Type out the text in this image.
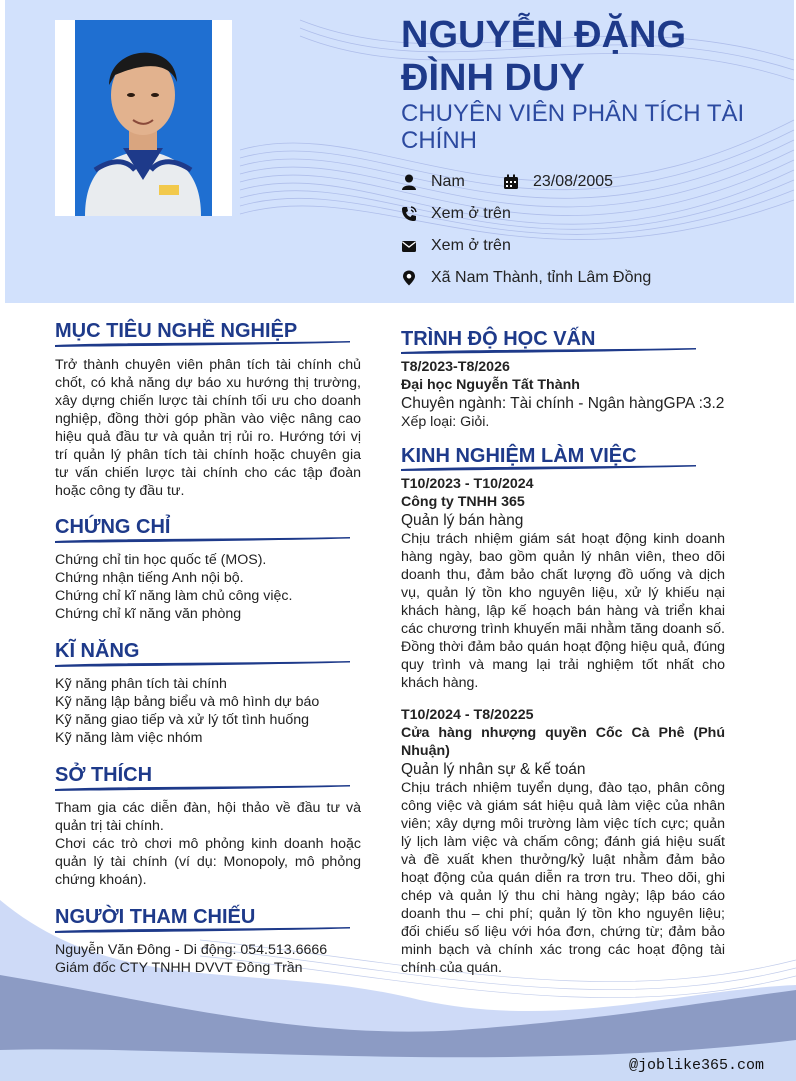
NGUYỄN ĐẶNG ĐÌNH DUY
CHUYÊN VIÊN PHÂN TÍCH TÀI CHÍNH
Nam	23/08/2005
Xem ở trên
Xem ở trên
Xã Nam Thành, tỉnh Lâm Đồng
MỤC TIÊU NGHỀ NGHIỆP
Trở thành chuyên viên phân tích tài chính chủ chốt, có khả năng dự báo xu hướng thị trường, xây dựng chiến lược tài chính tối ưu cho doanh nghiệp, đồng thời góp phần vào việc nâng cao hiệu quả đầu tư và quản trị rủi ro. Hướng tới vị trí quản lý phân tích tài chính hoặc chuyên gia tư vấn chiến lược tài chính cho các tập đoàn hoặc công ty đầu tư.
CHỨNG CHỈ
Chứng chỉ tin học quốc tế (MOS).
Chứng nhận tiếng Anh nội bộ.
Chứng chỉ kĩ năng làm chủ công việc.
Chứng chỉ kĩ năng văn phòng
KĨ NĂNG
Kỹ năng phân tích tài chính
Kỹ năng lập bảng biểu và mô hình dự báo
Kỹ năng giao tiếp và xử lý tốt tình huống
Kỹ năng làm việc nhóm
SỞ THÍCH
Tham gia các diễn đàn, hội thảo về đầu tư và quản trị tài chính.
Chơi các trò chơi mô phỏng kinh doanh hoặc quản lý tài chính (ví dụ: Monopoly, mô phỏng chứng khoán).
NGƯỜI THAM CHIẾU
Nguyễn Văn Đông - Di động: 054.513.6666
Giám đốc CTY TNHH DVVT Đông Trần
TRÌNH ĐỘ HỌC VẤN
T8/2023-T8/2026
Đại học Nguyễn Tất Thành
Chuyên ngành: Tài chính - Ngân hàngGPA :3.2
Xếp loại: Giỏi.
KINH NGHIỆM LÀM VIỆC
T10/2023 - T10/2024
Công ty TNHH 365
Quản lý bán hàng
Chịu trách nhiệm giám sát hoạt động kinh doanh hàng ngày, bao gồm quản lý nhân viên, theo dõi doanh thu, đảm bảo chất lượng đồ uống và dịch vụ, quản lý tồn kho nguyên liệu, xử lý khiếu nại khách hàng, lập kế hoạch bán hàng và triển khai các chương trình khuyến mãi nhằm tăng doanh số. Đồng thời đảm bảo quán hoạt động hiệu quả, đúng quy trình và mang lại trải nghiệm tốt nhất cho khách hàng.
T10/2024 - T8/20225
Cửa hàng nhượng quyền Cốc Cà Phê (Phú Nhuận)
Quản lý nhân sự & kế toán
Chịu trách nhiệm tuyển dụng, đào tạo, phân công công việc và giám sát hiệu quả làm việc của nhân viên; xây dựng môi trường làm việc tích cực; quản lý lịch làm việc và chấm công; đánh giá hiệu suất và đề xuất khen thưởng/kỷ luật nhằm đảm bảo hoạt động của quán diễn ra trơn tru. Theo dõi, ghi chép và quản lý thu chi hàng ngày; lập báo cáo doanh thu – chi phí; quản lý tồn kho nguyên liệu; đối chiếu số liệu với hóa đơn, chứng từ; đảm bảo minh bạch và chính xác trong các hoạt động tài chính của quán.
@joblike365.com
